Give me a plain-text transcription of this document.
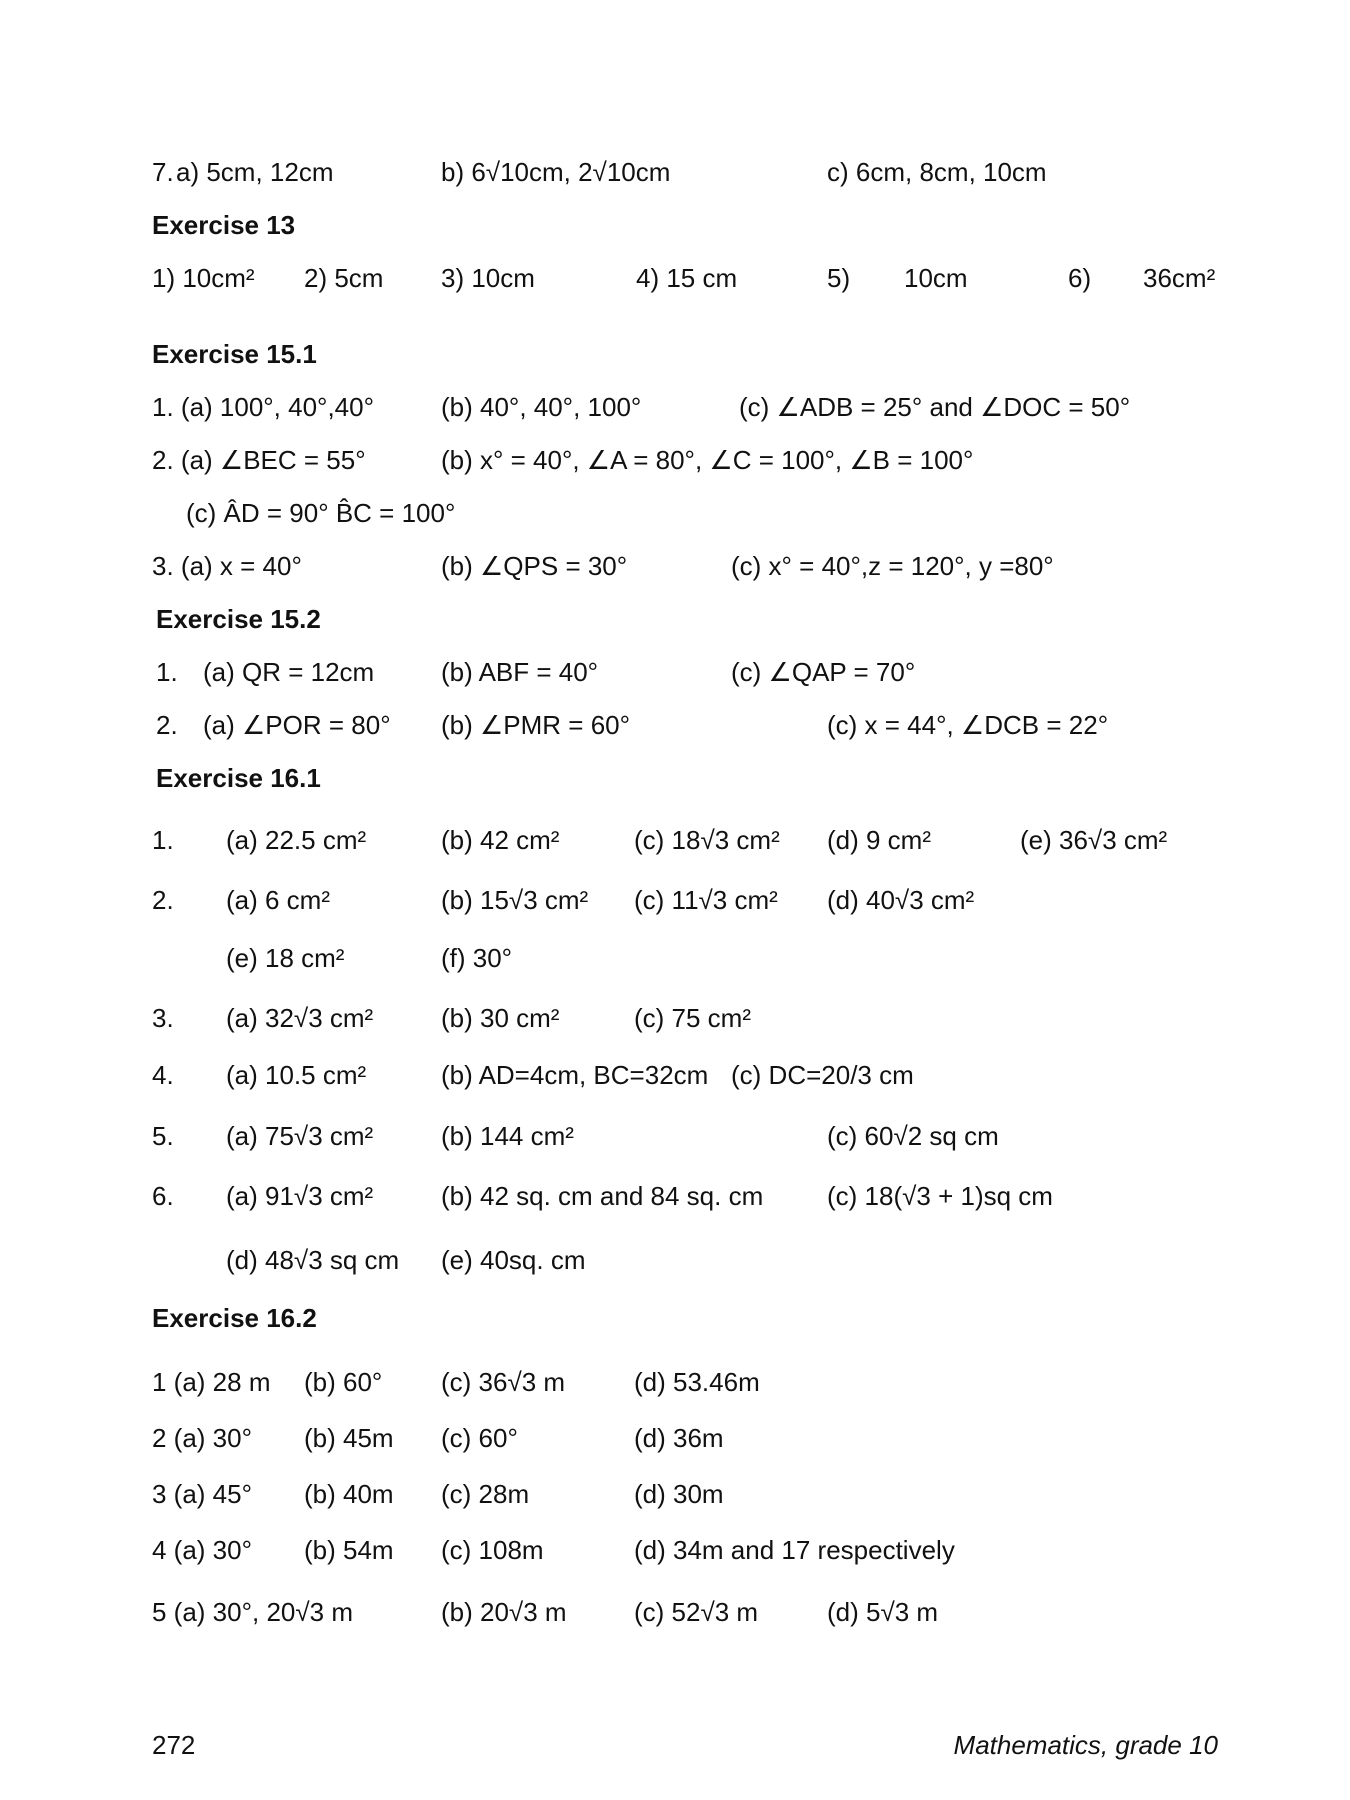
7. a) 5cm, 12cm	b) 6√10cm, 2√10cm	c) 6cm, 8cm, 10cm
Exercise 13
1) 10cm² 2) 5cm 3) 10cm	4) 15 cm	5) 10cm	6) 36cm²
Exercise 15.1
1. (a) 100°, 40°,40°	(b) 40°, 40°, 100°	(c) ∠ADB = 25° and ∠DOC = 50°
2. (a) ∠BEC = 55°	(b) x° = 40°, ∠A = 80°, ∠C = 100°, ∠B = 100°
(c) ÂD = 90° B̂C = 100°
3. (a) x = 40°	(b) ∠QPS = 30°	(c) x° = 40°,z = 120°, y =80°
Exercise 15.2
1. (a) QR = 12cm	(b) ABF = 40°	(c) ∠QAP = 70°
2. (a) ∠POR = 80° (b) ∠PMR = 60°	(c) x = 44°, ∠DCB = 22°
Exercise 16.1
1. (a) 22.5 cm²	(b) 42 cm²	(c) 18√3 cm² (d) 9 cm²	(e) 36√3 cm²
2. (a) 6 cm²	(b) 15√3 cm² (c) 11√3 cm² (d) 40√3 cm²
(e) 18 cm²	(f) 30°
3. (a) 32√3 cm²	(b) 30 cm²	(c) 75 cm²
4. (a) 10.5 cm²	(b) AD=4cm, BC=32cm (c) DC=20/3 cm
5. (a) 75√3 cm²	(b) 144 cm²	(c) 60√2 sq cm
6. (a) 91√3 cm²	(b) 42 sq. cm and 84 sq. cm (c) 18(√3 + 1)sq cm
(d) 48√3 sq cm (e) 40sq. cm
Exercise 16.2
1 (a) 28 m (b) 60° (c) 36√3 m	(d) 53.46m
2 (a) 30° (b) 45m (c) 60°	(d) 36m
3 (a) 45° (b) 40m (c) 28m	(d) 30m
4 (a) 30° (b) 54m (c) 108m	(d) 34m and 17 respectively
5 (a) 30°, 20√3 m	(b) 20√3 m	(c) 52√3 m	(d) 5√3 m
272	Mathematics, grade 10
